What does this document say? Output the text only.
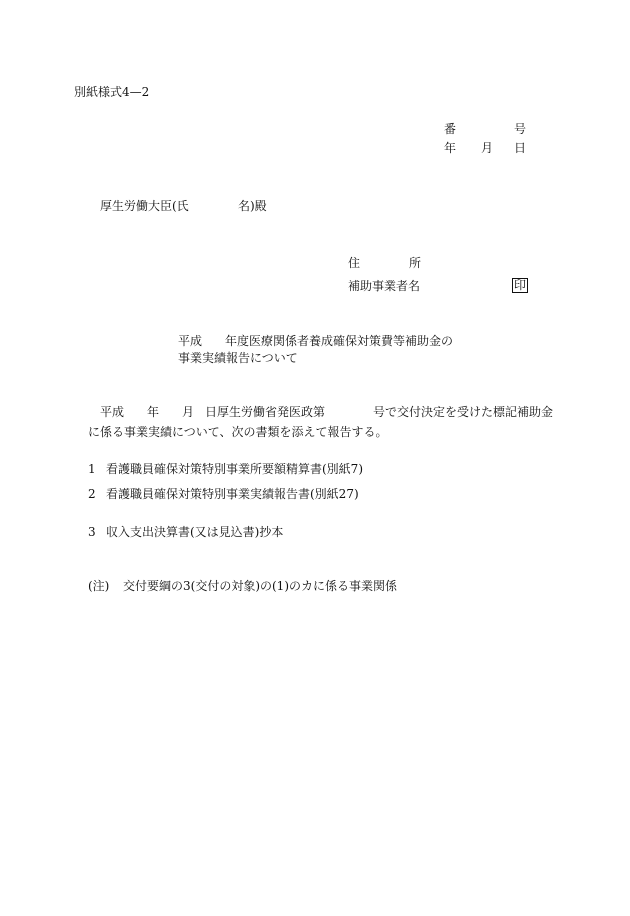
別紙様式4—2
番	号
年 月 日
厚生労働大臣(氏	名)殿
住	所
補助事業者名	印
平成 年度医療関係者養成確保対策費等補助金の
事業実績報告について
平成 年 月 日厚生労働省発医政第	号で交付決定を受けた標記補助金
に係る事業実績について、次の書類を添えて報告する。
1 看護職員確保対策特別事業所要額精算書(別紙7)
2 看護職員確保対策特別事業実績報告書(別紙27)
3 収入支出決算書(又は見込書)抄本
(注) 交付要綱の3(交付の対象)の(1)のカに係る事業関係
